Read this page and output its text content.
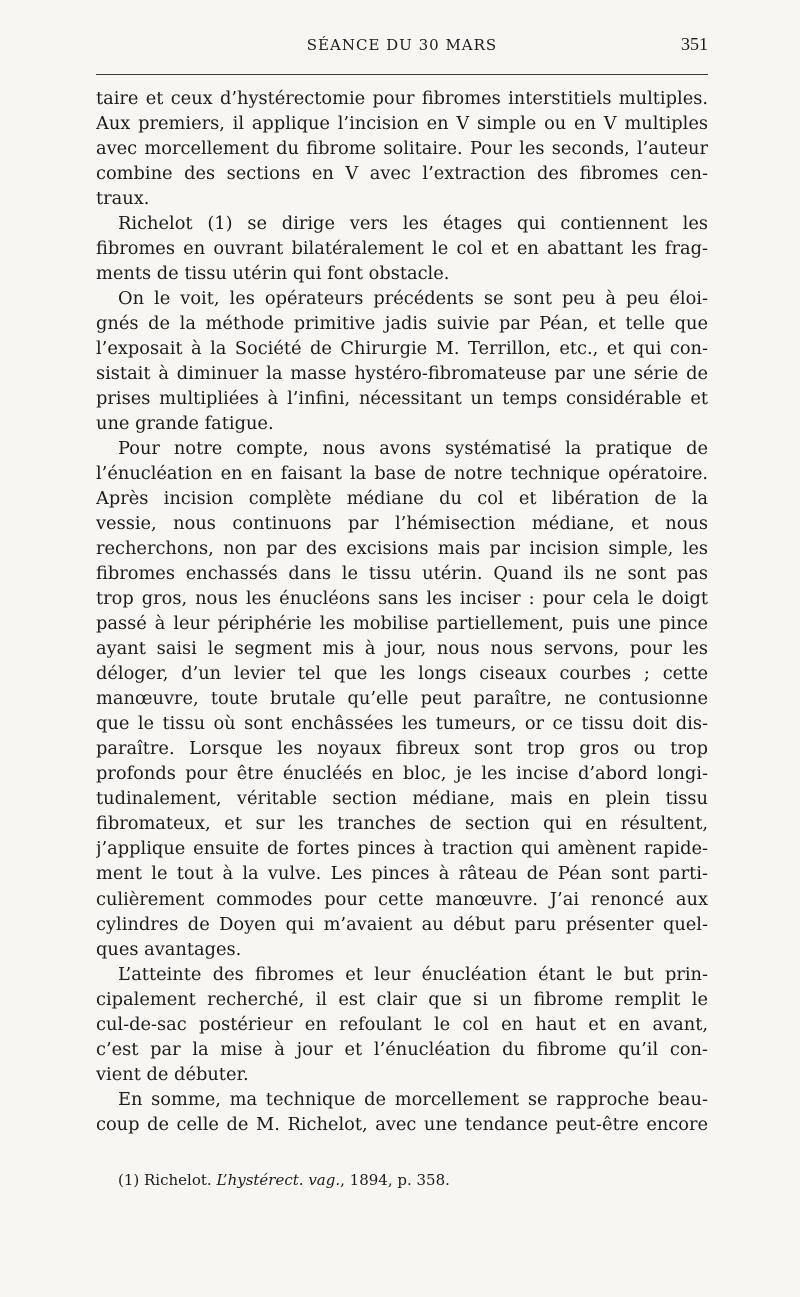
SÉANCE DU 30 MARS	351
taire et ceux d’hystérectomie pour fibromes interstitiels multiples.
Aux premiers, il applique l’incision en V simple ou en V multiples
avec morcellement du fibrome solitaire. Pour les seconds, l’auteur
combine des sections en V avec l’extraction des fibromes cen-
traux.
Richelot (1) se dirige vers les étages qui contiennent les
fibromes en ouvrant bilatéralement le col et en abattant les frag-
ments de tissu utérin qui font obstacle.
On le voit, les opérateurs précédents se sont peu à peu éloi-
gnés de la méthode primitive jadis suivie par Péan, et telle que
l’exposait à la Société de Chirurgie M. Terrillon, etc., et qui con-
sistait à diminuer la masse hystéro-fibromateuse par une série de
prises multipliées à l’infini, nécessitant un temps considérable et
une grande fatigue.
Pour notre compte, nous avons systématisé la pratique de
l’énucléation en en faisant la base de notre technique opératoire.
Après incision complète médiane du col et libération de la
vessie, nous continuons par l’hémisection médiane, et nous
recherchons, non par des excisions mais par incision simple, les
fibromes enchassés dans le tissu utérin. Quand ils ne sont pas
trop gros, nous les énucléons sans les inciser : pour cela le doigt
passé à leur périphérie les mobilise partiellement, puis une pince
ayant saisi le segment mis à jour, nous nous servons, pour les
déloger, d’un levier tel que les longs ciseaux courbes ; cette
manœuvre, toute brutale qu’elle peut paraître, ne contusionne
que le tissu où sont enchâssées les tumeurs, or ce tissu doit dis-
paraître. Lorsque les noyaux fibreux sont trop gros ou trop
profonds pour être énucléés en bloc, je les incise d’abord longi-
tudinalement, véritable section médiane, mais en plein tissu
fibromateux, et sur les tranches de section qui en résultent,
j’applique ensuite de fortes pinces à traction qui amènent rapide-
ment le tout à la vulve. Les pinces à râteau de Péan sont parti-
culièrement commodes pour cette manœuvre. J’ai renoncé aux
cylindres de Doyen qui m’avaient au début paru présenter quel-
ques avantages.
L’atteinte des fibromes et leur énucléation étant le but prin-
cipalement recherché, il est clair que si un fibrome remplit le
cul-de-sac postérieur en refoulant le col en haut et en avant,
c’est par la mise à jour et l’énucléation du fibrome qu’il con-
vient de débuter.
En somme, ma technique de morcellement se rapproche beau-
coup de celle de M. Richelot, avec une tendance peut-être encore
(1) Richelot. L’hystérect. vag., 1894, p. 358.
